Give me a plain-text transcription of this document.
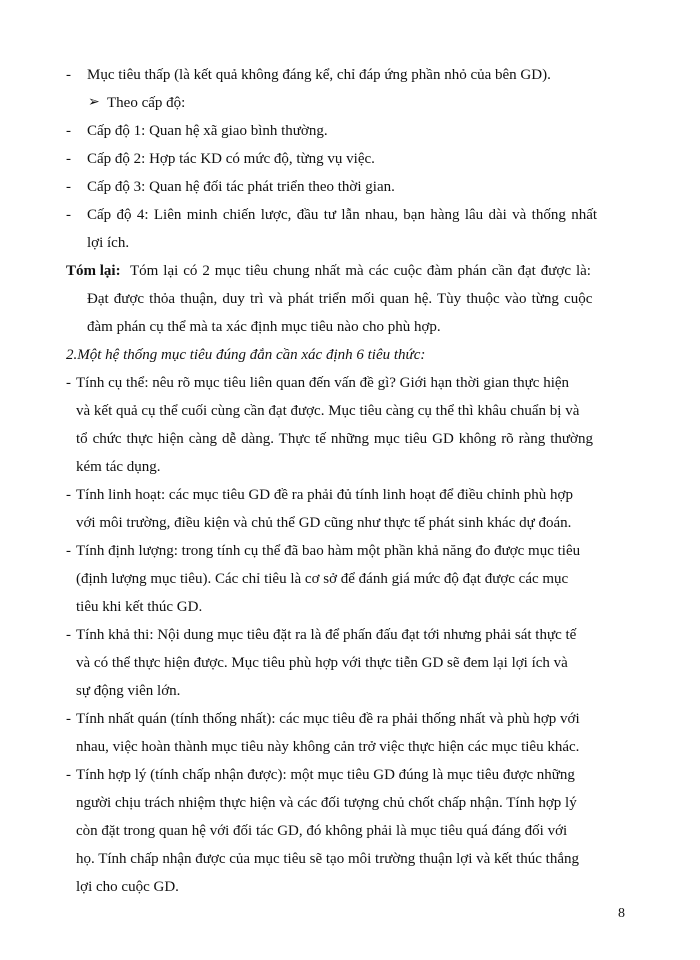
- Mục tiêu thấp (là kết quả không đáng kể, chỉ đáp ứng phần nhỏ của bên GD).
➢ Theo cấp độ:
- Cấp độ 1: Quan hệ xã giao bình thường.
- Cấp độ 2: Hợp tác KD có mức độ, từng vụ việc.
- Cấp độ 3: Quan hệ đối tác phát triển theo thời gian.
- Cấp độ 4: Liên minh chiến lược, đầu tư lẫn nhau, bạn hàng lâu dài và thống nhất
lợi ích.
Tóm lại: Tóm lại có 2 mục tiêu chung nhất mà các cuộc đàm phán cần đạt được là:
Đạt được thỏa thuận, duy trì và phát triển mối quan hệ. Tùy thuộc vào từng cuộc
đàm phán cụ thể mà ta xác định mục tiêu nào cho phù hợp.
2.Một hệ thống mục tiêu đúng đắn cần xác định 6 tiêu thức:
- Tính cụ thể: nêu rõ mục tiêu liên quan đến vấn đề gì? Giới hạn thời gian thực hiện
và kết quả cụ thể cuối cùng cần đạt được. Mục tiêu càng cụ thể thì khâu chuẩn bị và
tổ chức thực hiện càng dễ dàng. Thực tế những mục tiêu GD không rõ ràng thường
kém tác dụng.
- Tính linh hoạt: các mục tiêu GD đề ra phải đủ tính linh hoạt để điều chỉnh phù hợp
với môi trường, điều kiện và chủ thể GD cũng như thực tế phát sinh khác dự đoán.
- Tính định lượng: trong tính cụ thể đã bao hàm một phần khả năng đo được mục tiêu
(định lượng mục tiêu). Các chỉ tiêu là cơ sở để đánh giá mức độ đạt được các mục
tiêu khi kết thúc GD.
- Tính khả thi: Nội dung mục tiêu đặt ra là để phấn đấu đạt tới nhưng phải sát thực tế
và có thể thực hiện được. Mục tiêu phù hợp với thực tiễn GD sẽ đem lại lợi ích và
sự động viên lớn.
- Tính nhất quán (tính thống nhất): các mục tiêu đề ra phải thống nhất và phù hợp với
nhau, việc hoàn thành mục tiêu này không cản trở việc thực hiện các mục tiêu khác.
- Tính hợp lý (tính chấp nhận được): một mục tiêu GD đúng là mục tiêu được những
người chịu trách nhiệm thực hiện và các đối tượng chủ chốt chấp nhận. Tính hợp lý
còn đặt trong quan hệ với đối tác GD, đó không phải là mục tiêu quá đáng đối với
họ. Tính chấp nhận được của mục tiêu sẽ tạo môi trường thuận lợi và kết thúc thắng
lợi cho cuộc GD.
8
